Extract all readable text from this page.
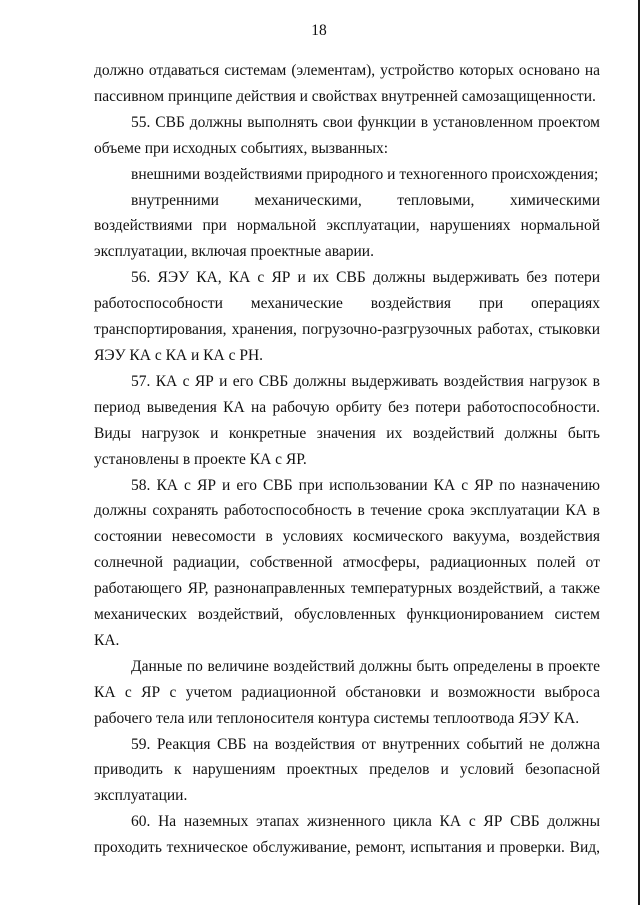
18

должно отдаваться системам (элементам), устройство которых основано на пассивном принципе действия и свойствах внутренней самозащищенности.

55. СВБ должны выполнять свои функции в установленном проектом объеме при исходных событиях, вызванных:

внешними воздействиями природного и техногенного происхождения;

внутренними механическими, тепловыми, химическими воздействиями при нормальной эксплуатации, нарушениях нормальной эксплуатации, включая проектные аварии.

56. ЯЭУ КА, КА с ЯР и их СВБ должны выдерживать без потери работоспособности механические воздействия при операциях транспортирования, хранения, погрузочно-разгрузочных работах, стыковки ЯЭУ КА с КА и КА с РН.

57. КА с ЯР и его СВБ должны выдерживать воздействия нагрузок в период выведения КА на рабочую орбиту без потери работоспособности. Виды нагрузок и конкретные значения их воздействий должны быть установлены в проекте КА с ЯР.

58. КА с ЯР и его СВБ при использовании КА с ЯР по назначению должны сохранять работоспособность в течение срока эксплуатации КА в состоянии невесомости в условиях космического вакуума, воздействия солнечной радиации, собственной атмосферы, радиационных полей от работающего ЯР, разнонаправленных температурных воздействий, а также механических воздействий, обусловленных функционированием систем КА.

Данные по величине воздействий должны быть определены в проекте КА с ЯР с учетом радиационной обстановки и возможности выброса рабочего тела или теплоносителя контура системы теплоотвода ЯЭУ КА.

59. Реакция СВБ на воздействия от внутренних событий не должна приводить к нарушениям проектных пределов и условий безопасной эксплуатации.

60. На наземных этапах жизненного цикла КА с ЯР СВБ должны проходить техническое обслуживание, ремонт, испытания и проверки. Вид,
